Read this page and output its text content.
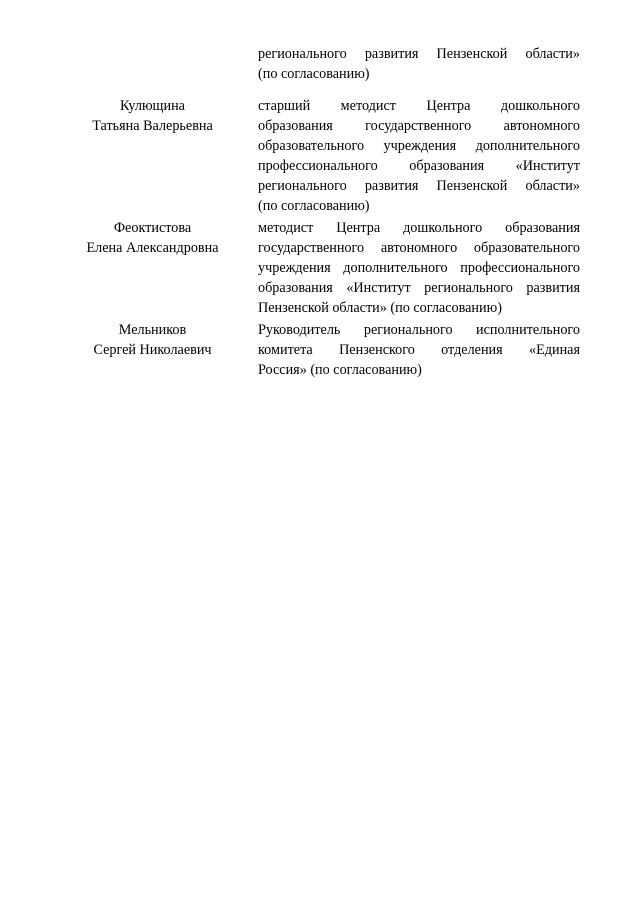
регионального развития Пензенской области»
(по согласованию)
Кулющина
Татьяна Валерьевна
старший методист Центра дошкольного
образования государственного автономного
образовательного учреждения дополнительного
профессионального образования «Институт
регионального развития Пензенской области»
(по согласованию)
Феоктистова
Елена Александровна
методист Центра дошкольного образования
государственного автономного образовательного
учреждения дополнительного профессионального
образования «Институт регионального развития
Пензенской области» (по согласованию)
Мельников
Сергей Николаевич
Руководитель регионального исполнительного
комитета Пензенского отделения «Единая
Россия» (по согласованию)
